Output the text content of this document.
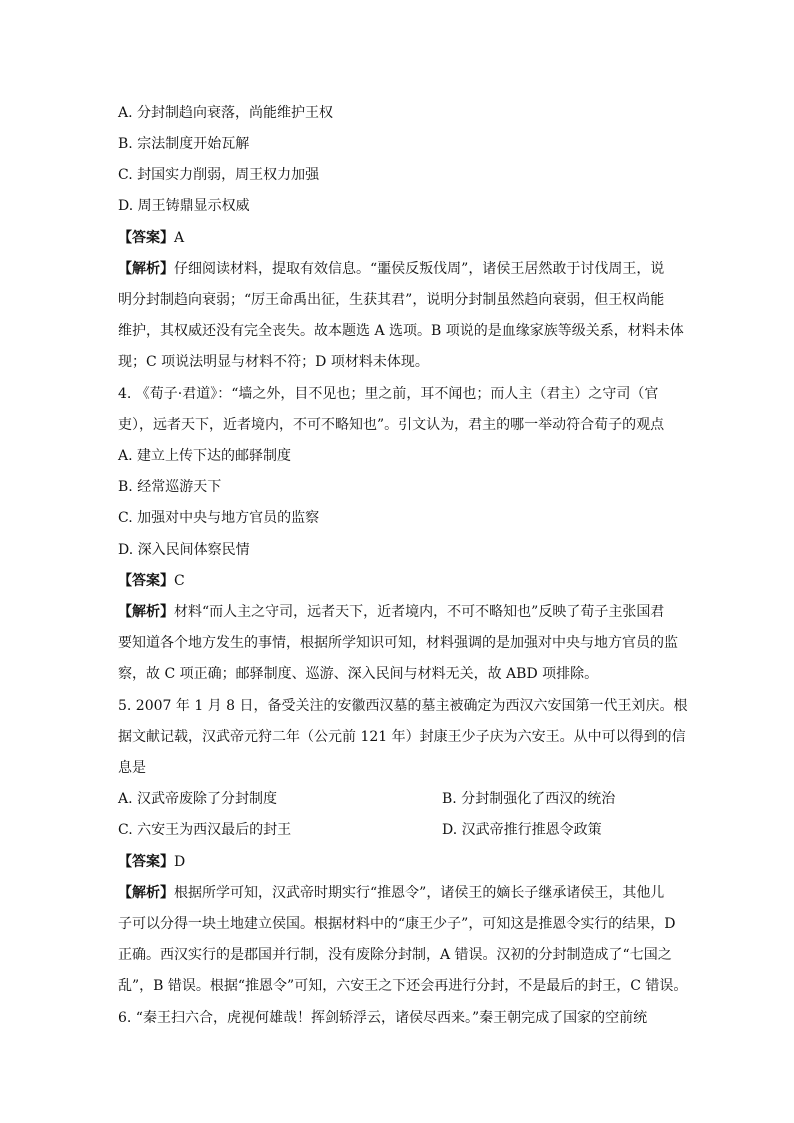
A. 分封制趋向衰落，尚能维护王权
B. 宗法制度开始瓦解
C. 封国实力削弱，周王权力加强
D. 周王铸鼎显示权威
【答案】A
【解析】仔细阅读材料，提取有效信息。“噩侯反叛伐周”，诸侯王居然敢于讨伐周王，说
明分封制趋向衰弱；“厉王命禹出征，生获其君”，说明分封制虽然趋向衰弱，但王权尚能
维护，其权威还没有完全丧失。故本题选 A 选项。B 项说的是血缘家族等级关系，材料未体
现；C 项说法明显与材料不符；D 项材料未体现。
4. 《荀子·君道》：“墙之外，目不见也；里之前，耳不闻也；而人主（君主）之守司（官
吏），远者天下，近者境内，不可不略知也”。引文认为，君主的哪一举动符合荀子的观点
A. 建立上传下达的邮驿制度
B. 经常巡游天下
C. 加强对中央与地方官员的监察
D. 深入民间体察民情
【答案】C
【解析】材料“而人主之守司，远者天下，近者境内，不可不略知也”反映了荀子主张国君
要知道各个地方发生的事情，根据所学知识可知，材料强调的是加强对中央与地方官员的监
察，故 C 项正确；邮驿制度、巡游、深入民间与材料无关，故 ABD 项排除。
5. 2007 年 1 月 8 日，备受关注的安徽西汉墓的墓主被确定为西汉六安国第一代王刘庆。根
据文献记载，汉武帝元狩二年（公元前 121 年）封康王少子庆为六安王。从中可以得到的信
息是
A. 汉武帝废除了分封制度	B. 分封制强化了西汉的统治
C. 六安王为西汉最后的封王	D. 汉武帝推行推恩令政策
【答案】D
【解析】根据所学可知，汉武帝时期实行“推恩令”，诸侯王的嫡长子继承诸侯王，其他儿
子可以分得一块土地建立侯国。根据材料中的“康王少子”，可知这是推恩令实行的结果，D
正确。西汉实行的是郡国并行制，没有废除分封制，A 错误。汉初的分封制造成了“七国之
乱”，B 错误。根据“推恩令”可知，六安王之下还会再进行分封，不是最后的封王，C 错误。
6. “秦王扫六合，虎视何雄哉！挥剑轿浮云，诸侯尽西来。”秦王朝完成了国家的空前统
